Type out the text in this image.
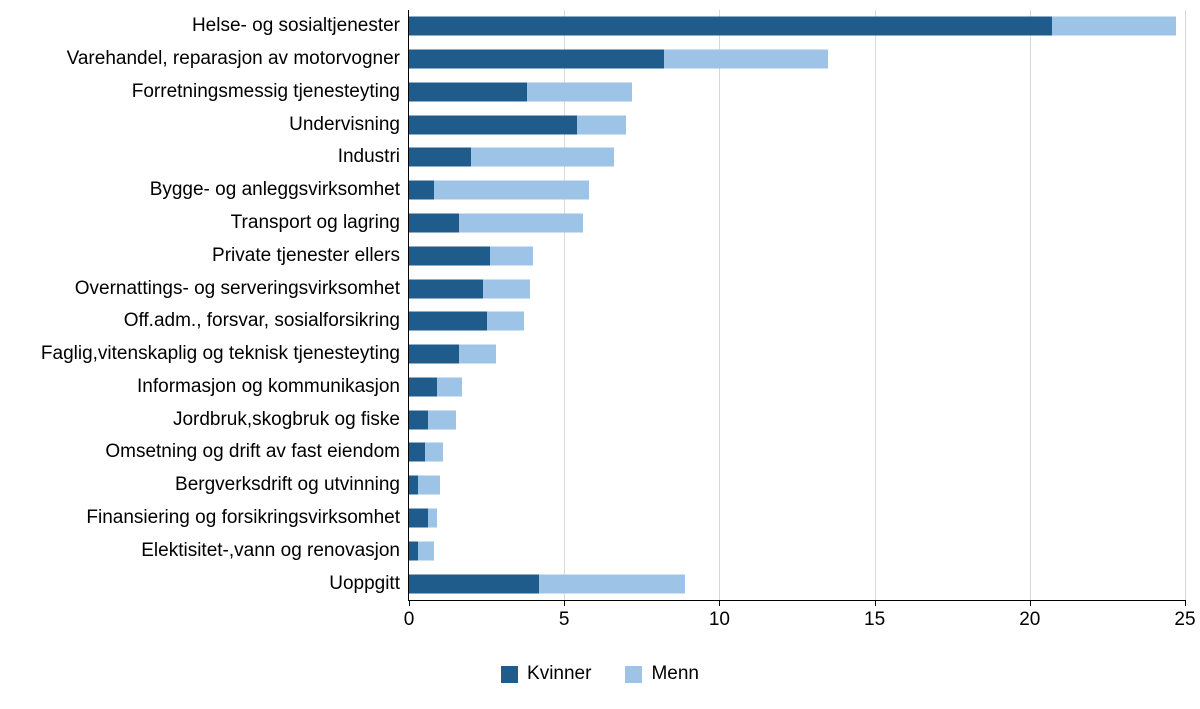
0	5	10	15	20	25
Helse- og sosialtjenester
Varehandel, reparasjon av motorvogner
Forretningsmessig tjenesteyting
Undervisning
Industri
Bygge- og anleggsvirksomhet
Transport og lagring
Private tjenester ellers
Overnattings- og serveringsvirksomhet
Off.adm., forsvar, sosialforsikring
Faglig,vitenskaplig og teknisk tjenesteyting
Informasjon og kommunikasjon
Jordbruk,skogbruk og fiske
Omsetning og drift av fast eiendom
Bergverksdrift og utvinning
Finansiering og forsikringsvirksomhet
Elektisitet-,vann og renovasjon
Uoppgitt
Kvinner	Menn
